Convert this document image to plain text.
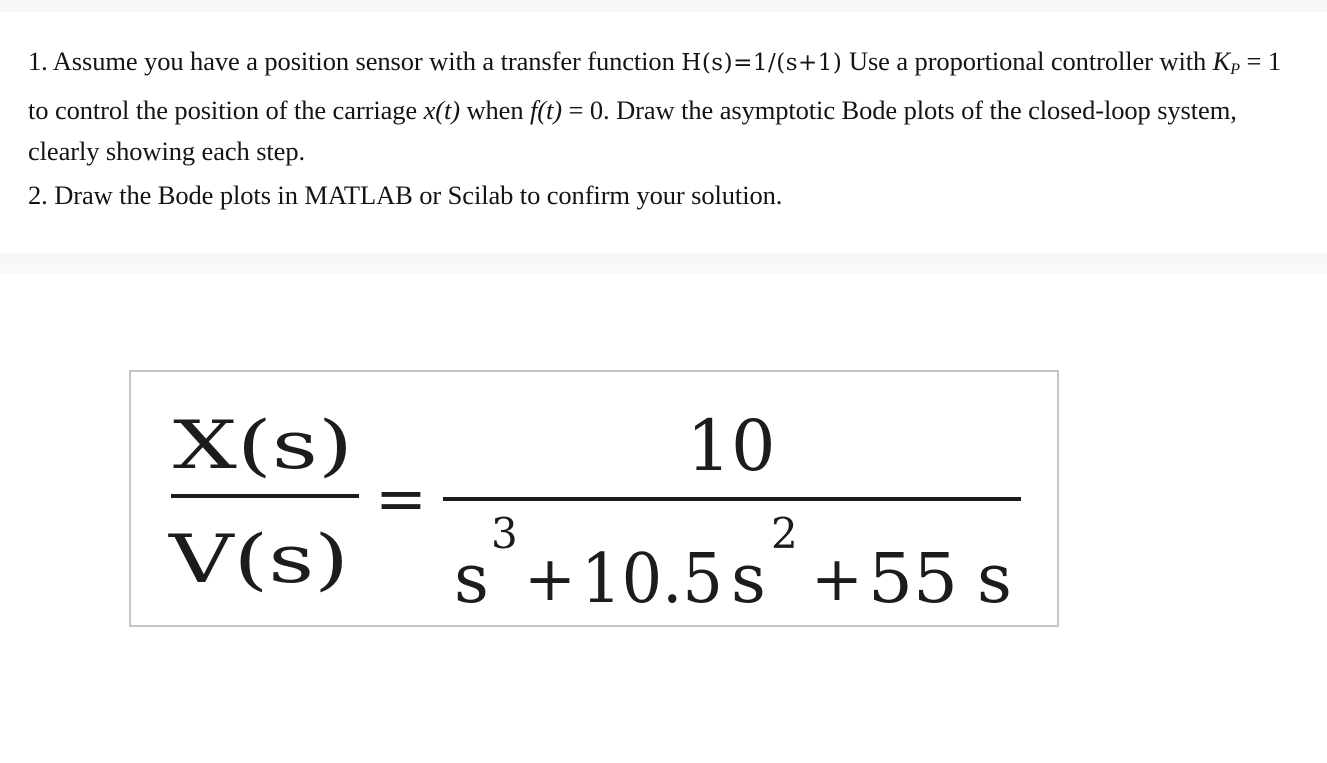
1. Assume you have a position sensor with a transfer function H(s)=1/(s+1) Use a proportional controller with $K_P = 1$ to control the position of the carriage x(t) when f(t) = 0. Draw the asymptotic Bode plots of the closed-loop system, clearly showing each step.

2. Draw the Bode plots in MATLAB or Scilab to confirm your solution.

X(s)
V(s)
=
10
s
3
+ 10.5 s
2
+ 55 s
